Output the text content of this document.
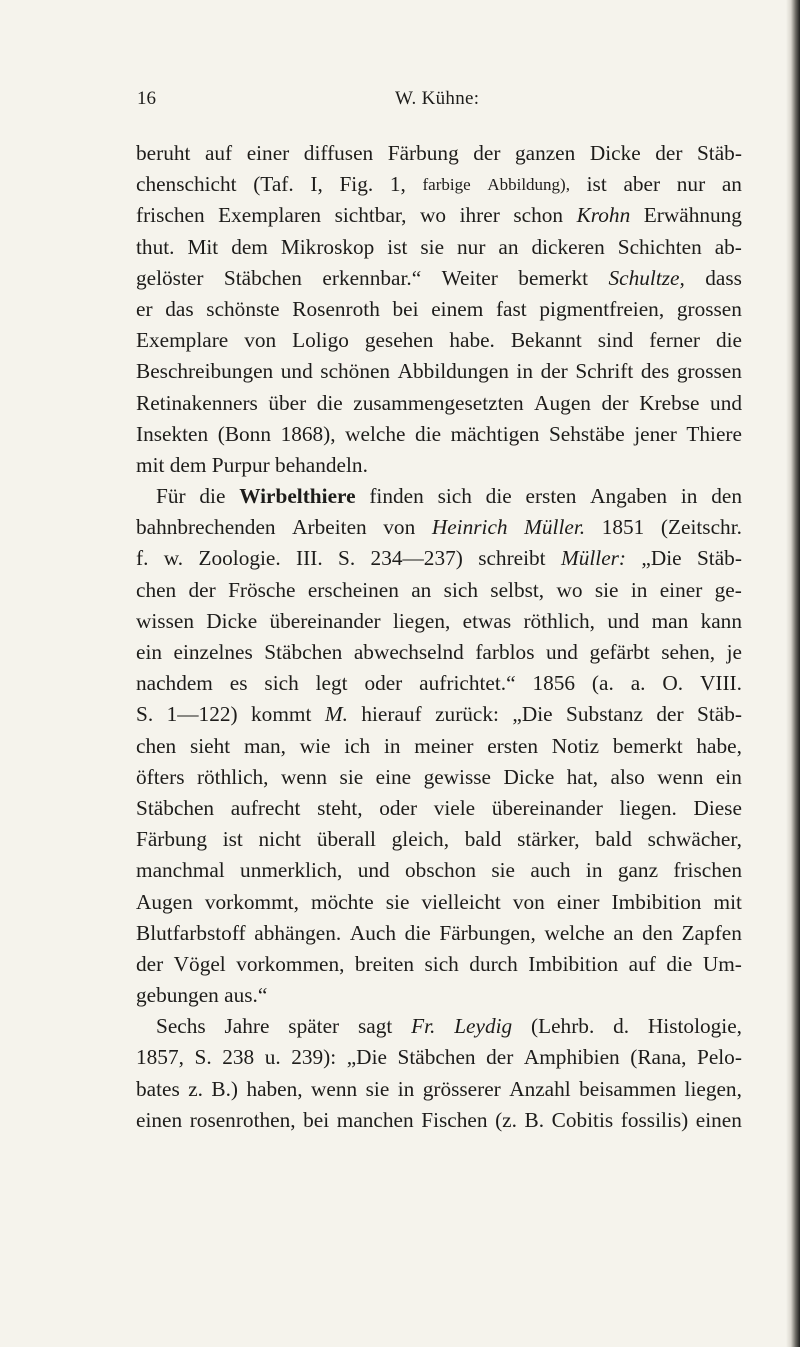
16	W. Kühne:
beruht auf einer diffusen Färbung der ganzen Dicke der Stäb-
chenschicht (Taf. I, Fig. 1, farbige Abbildung), ist aber nur an
frischen Exemplaren sichtbar, wo ihrer schon Krohn Erwähnung
thut. Mit dem Mikroskop ist sie nur an dickeren Schichten ab-
gelöster Stäbchen erkennbar.“ Weiter bemerkt Schultze, dass
er das schönste Rosenroth bei einem fast pigmentfreien, grossen
Exemplare von Loligo gesehen habe. Bekannt sind ferner die
Beschreibungen und schönen Abbildungen in der Schrift des grossen
Retinakenners über die zusammengesetzten Augen der Krebse und
Insekten (Bonn 1868), welche die mächtigen Sehstäbe jener Thiere
mit
dem
Purpur
behandeln.
Für die Wirbelthiere finden sich die ersten Angaben in den
bahnbrechenden Arbeiten von Heinrich Müller. 1851 (Zeitschr.
f. w. Zoologie. III. S. 234—237) schreibt Müller: „Die Stäb-
chen der Frösche erscheinen an sich selbst, wo sie in einer ge-
wissen Dicke übereinander liegen, etwas röthlich, und man kann
ein einzelnes Stäbchen abwechselnd farblos und gefärbt sehen, je
nachdem es sich legt oder aufrichtet.“ 1856 (a. a. O. VIII.
S. 1—122) kommt M. hierauf zurück: „Die Substanz der Stäb-
chen sieht man, wie ich in meiner ersten Notiz bemerkt habe,
öfters röthlich, wenn sie eine gewisse Dicke hat, also wenn ein
Stäbchen aufrecht steht, oder viele übereinander liegen. Diese
Färbung ist nicht überall gleich, bald stärker, bald schwächer,
manchmal unmerklich, und obschon sie auch in ganz frischen
Augen vorkommt, möchte sie vielleicht von einer Imbibition mit
Blutfarbstoff abhängen. Auch die Färbungen, welche an den Zapfen
der Vögel vorkommen, breiten sich durch Imbibition auf die Um-
gebungen
aus.“
Sechs Jahre später sagt Fr. Leydig (Lehrb. d. Histologie,
1857, S. 238 u. 239): „Die Stäbchen der Amphibien (Rana, Pelo-
bates z. B.) haben, wenn sie in grösserer Anzahl beisammen liegen,
einen rosenrothen, bei manchen Fischen (z. B. Cobitis fossilis) einen
